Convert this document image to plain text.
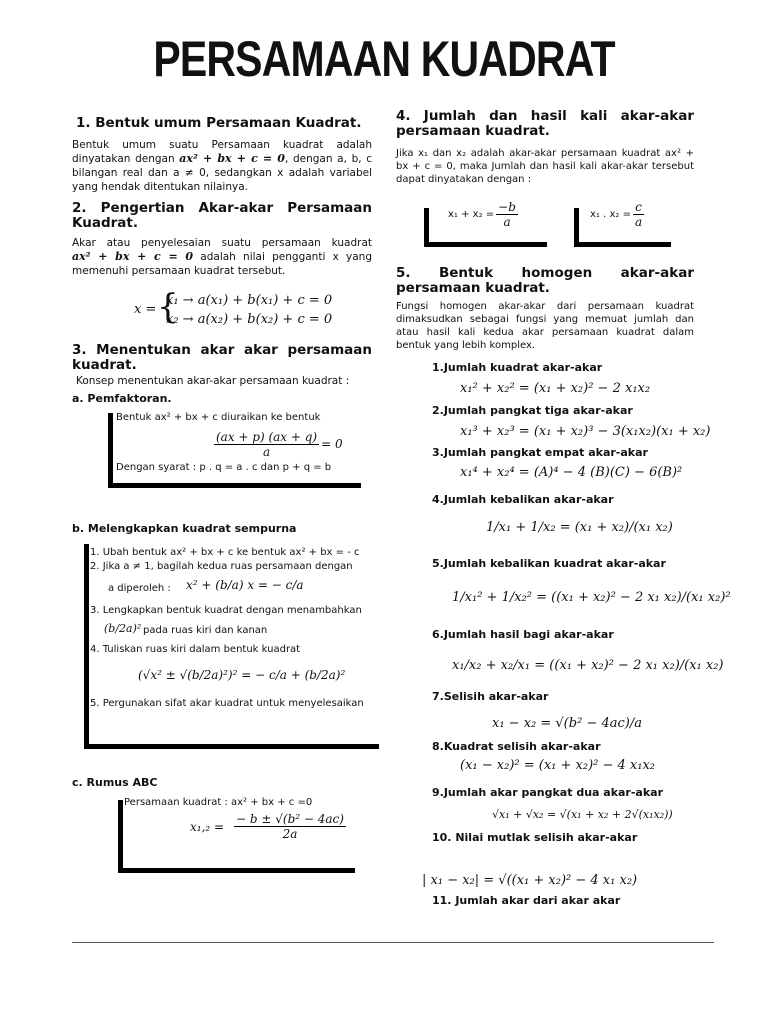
PERSAMAAN KUADRAT
1. Bentuk umum Persamaan Kuadrat.
Bentuk umum suatu Persamaan kuadrat adalah dinyatakan dengan ax² + bx + c = 0, dengan a, b, c bilangan real dan a ≠ 0, sedangkan x adalah variabel yang hendak ditentukan nilainya.
2. Pengertian Akar-akar Persamaan Kuadrat.
Akar atau penyelesaian suatu persamaan kuadrat ax² + bx + c = 0 adalah nilai pengganti x yang memenuhi persamaan kuadrat tersebut.
x = {
x₁ → a(x₁) + b(x₁) + c = 0
x₂ → a(x₂) + b(x₂) + c = 0
3. Menentukan akar akar persamaan kuadrat.
Konsep menentukan akar-akar persamaan kuadrat :
a. Pemfaktoran.
Bentuk ax² + bx + c diuraikan ke bentuk
$\frac{(ax + p) (ax + q)}{a} = 0$
Dengan syarat : p . q = a . c dan p + q = b
b. Melengkapkan kuadrat sempurna
1. Ubah bentuk ax² + bx + c ke bentuk ax² + bx = - c
2. Jika a ≠ 1, bagilah kedua ruas persamaan dengan
a diperoleh : x² + (b/a) x = − c/a
3. Lengkapkan bentuk kuadrat dengan menambahkan
(b/2a)² pada ruas kiri dan kanan
4. Tuliskan ruas kiri dalam bentuk kuadrat
(√x² ± √(b/2a)²)² = − c/a + (b/2a)²
5. Pergunakan sifat akar kuadrat untuk menyelesaikan
c. Rumus ABC
Persamaan kuadrat : ax² + bx + c =0
$x_1,_2 = \frac{\text{− b ± √(b² − 4ac)}}{2a}$
4. Jumlah dan hasil kali akar-akar persamaan kuadrat.
Jika x₁ dan x₂ adalah akar-akar persamaan kuadrat ax² + bx + c = 0, maka Jumlah dan hasil kali akar-akar tersebut dapat dinyatakan dengan :
$x_1 + x_2 = \frac{-b}{a}$	x₁ . $x_2 = \frac{c}{a}$
5. Bentuk homogen akar-akar persamaan kuadrat.
Fungsi homogen akar-akar dari persamaan kuadrat dimaksudkan sebagai fungsi yang memuat jumlah dan atau hasil kali kedua akar persamaan kuadrat dalam bentuk yang lebih komplex.
1.Jumlah kuadrat akar-akar
x₁² + x₂² = (x₁ + x₂)² − 2 x₁x₂
2.Jumlah pangkat tiga akar-akar
x₁³ + x₂³ = (x₁ + x₂)³ − 3(x₁x₂)(x₁ + x₂)
3.Jumlah pangkat empat akar-akar
x₁⁴ + x₂⁴ = (A)⁴ − 4 (B)(C) − 6(B)²
4.Jumlah kebalikan akar-akar
1/x₁ + 1/x₂ = (x₁ + x₂)/(x₁ x₂)
5.Jumlah kebalikan kuadrat akar-akar
1/x₁² + 1/x₂² = ((x₁ + x₂)² − 2 x₁ x₂)/(x₁ x₂)²
6.Jumlah hasil bagi akar-akar
x₁/x₂ + x₂/x₁ = ((x₁ + x₂)² − 2 x₁ x₂)/(x₁ x₂)
7.Selisih akar-akar
x₁ − x₂ = √(b² − 4ac)/a
8.Kuadrat selisih akar-akar
(x₁ − x₂)² = (x₁ + x₂)² − 4 x₁x₂
9.Jumlah akar pangkat dua akar-akar
√x₁ + √x₂ = √(x₁ + x₂ + 2√(x₁x₂))
10. Nilai mutlak selisih akar-akar
| x₁ − x₂| = √((x₁ + x₂)² − 4 x₁ x₂)
11. Jumlah akar dari akar akar
